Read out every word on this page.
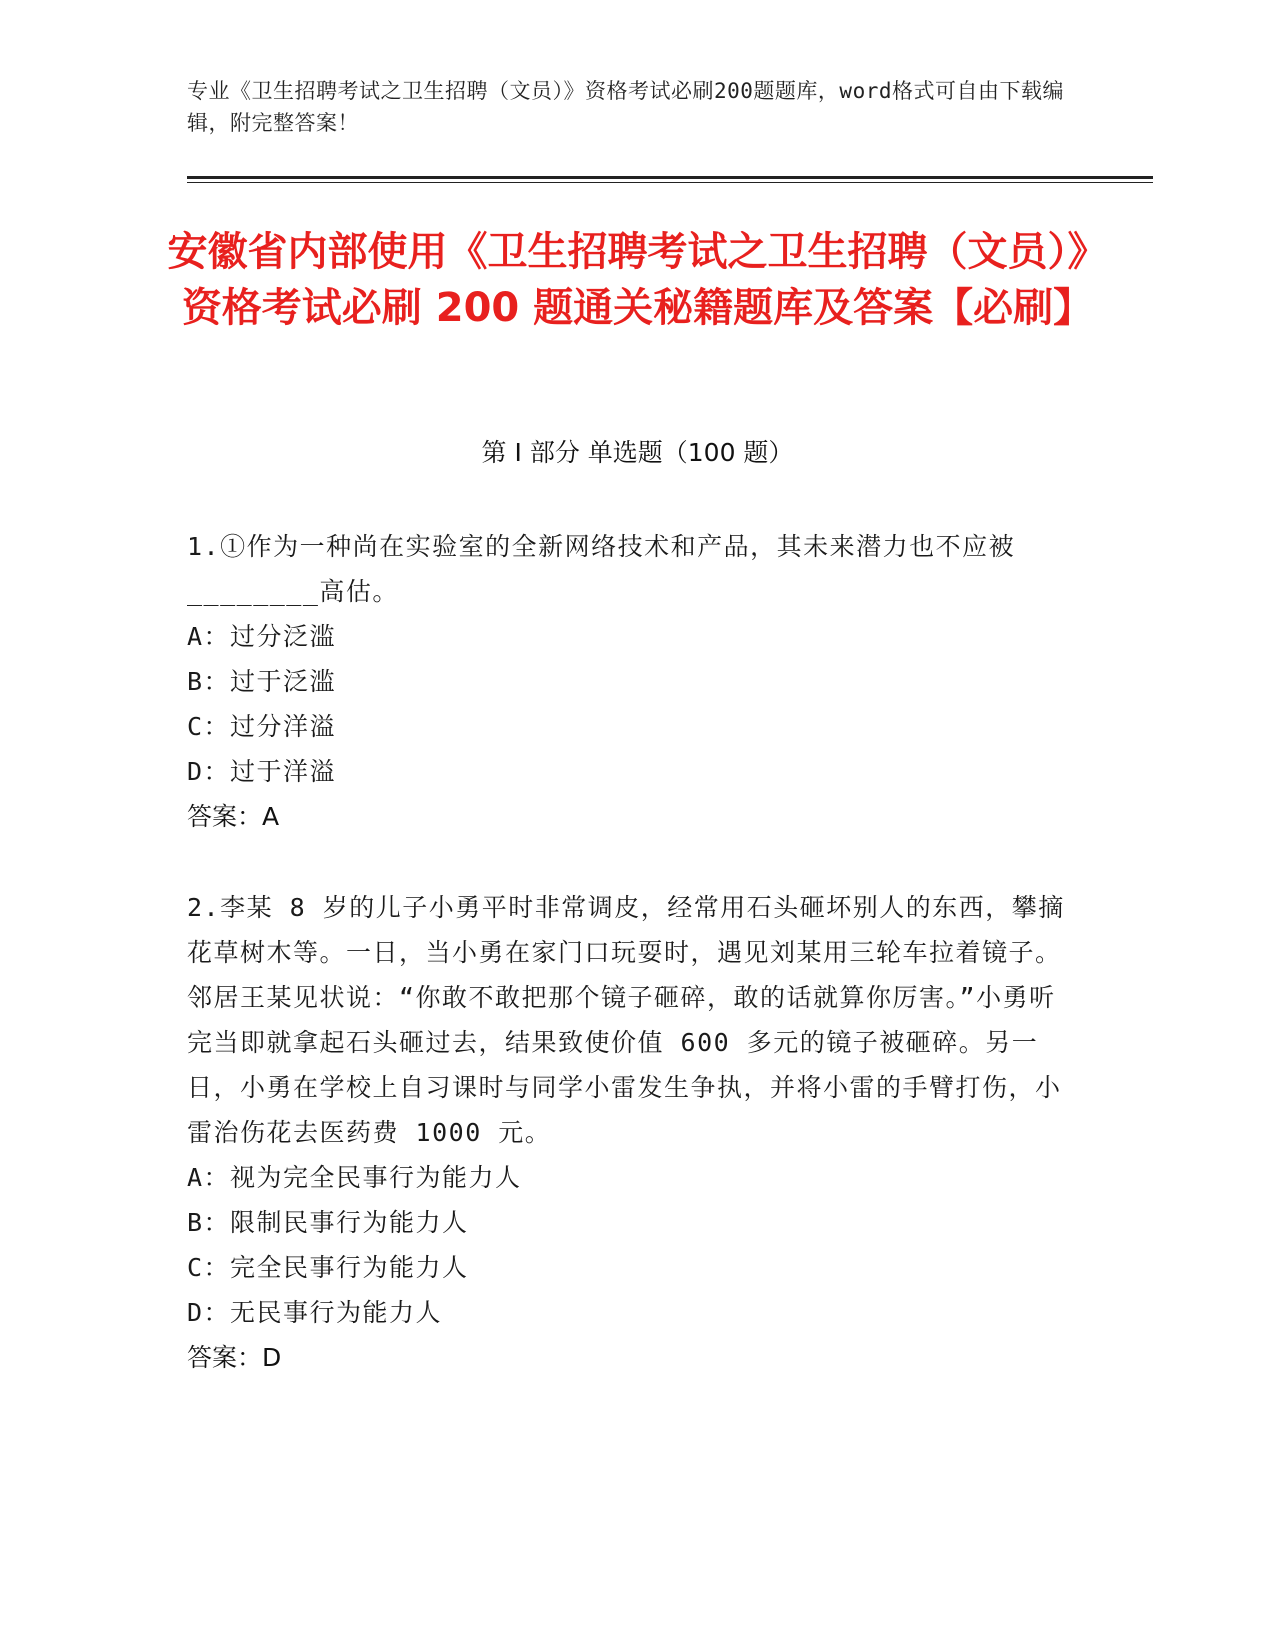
专业《卫生招聘考试之卫生招聘（文员）》资格考试必刷200题题库，word格式可自由下载编辑，附完整答案！
安徽省内部使用《卫生招聘考试之卫生招聘（文员）》资格考试必刷 200 题通关秘籍题库及答案【必刷】
第 I 部分 单选题（100 题）
1.①作为一种尚在实验室的全新网络技术和产品，其未来潜力也不应被________高估。
A：过分泛滥
B：过于泛滥
C：过分洋溢
D：过于洋溢
答案：A
2.李某 8 岁的儿子小勇平时非常调皮，经常用石头砸坏别人的东西，攀摘花草树木等。一日，当小勇在家门口玩耍时，遇见刘某用三轮车拉着镜子。邻居王某见状说：“你敢不敢把那个镜子砸碎，敢的话就算你厉害。”小勇听完当即就拿起石头砸过去，结果致使价值 600 多元的镜子被砸碎。另一日，小勇在学校上自习课时与同学小雷发生争执，并将小雷的手臂打伤，小雷治伤花去医药费 1000 元。
A：视为完全民事行为能力人
B：限制民事行为能力人
C：完全民事行为能力人
D：无民事行为能力人
答案：D
